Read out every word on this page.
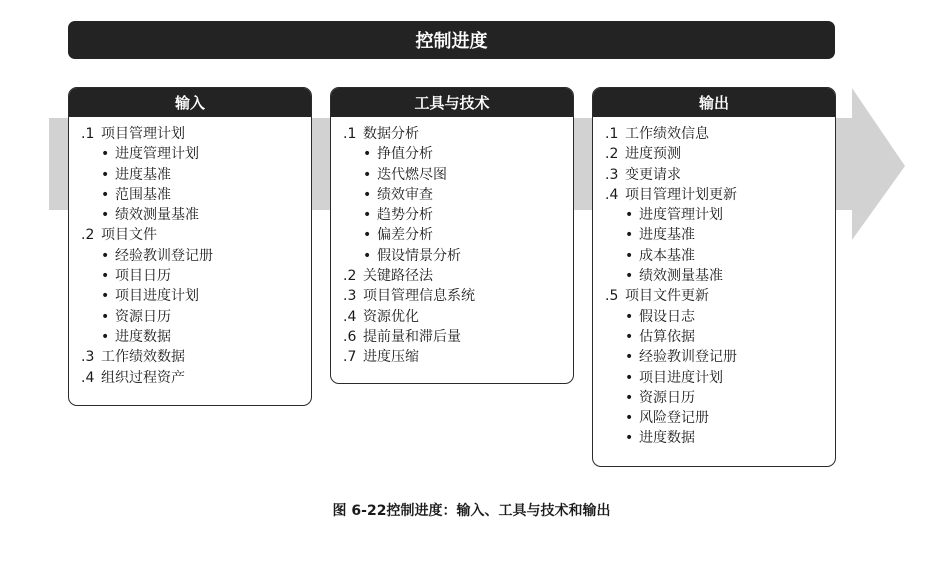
控制进度
输入
.1 项目管理计划
• 进度管理计划
• 进度基准
• 范围基准
• 绩效测量基准
.2 项目文件
• 经验教训登记册
• 项目日历
• 项目进度计划
• 资源日历
• 进度数据
.3 工作绩效数据
.4 组织过程资产
工具与技术
.1 数据分析
• 挣值分析
• 迭代燃尽图
• 绩效审查
• 趋势分析
• 偏差分析
• 假设情景分析
.2 关键路径法
.3 项目管理信息系统
.4 资源优化
.6 提前量和滞后量
.7 进度压缩
输出
.1 工作绩效信息
.2 进度预测
.3 变更请求
.4 项目管理计划更新
• 进度管理计划
• 进度基准
• 成本基准
• 绩效测量基准
.5 项目文件更新
• 假设日志
• 估算依据
• 经验教训登记册
• 项目进度计划
• 资源日历
• 风险登记册
• 进度数据
图 6-22控制进度：输入、工具与技术和输出
